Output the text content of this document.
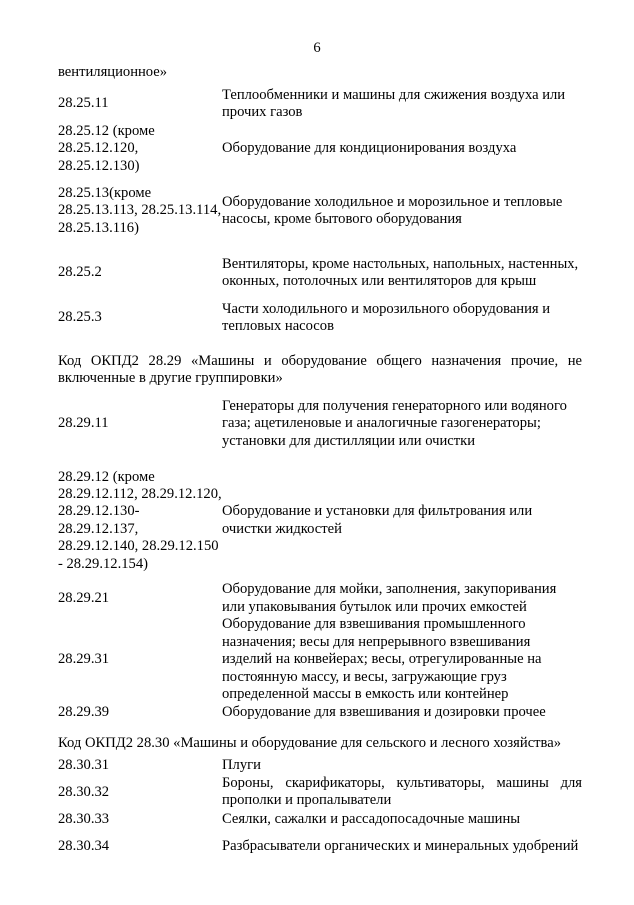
6
вентиляционное»
28.25.11
Теплообменники и машины для сжижения воздуха или прочих газов
28.25.12 (кроме 28.25.12.120, 28.25.12.130)
Оборудование для кондиционирования воздуха
28.25.13(кроме 28.25.13.113, 28.25.13.114, 28.25.13.116)
Оборудование холодильное и морозильное и тепловые насосы, кроме бытового оборудования
28.25.2
Вентиляторы, кроме настольных, напольных, настенных, оконных, потолочных или вентиляторов для крыш
28.25.3
Части холодильного и морозильного оборудования и тепловых насосов
Код ОКПД2 28.29 «Машины и оборудование общего назначения прочие, не включенные в другие группировки»
28.29.11
Генераторы для получения генераторного или водяного газа; ацетиленовые и аналогичные газогенераторы; установки для дистилляции или очистки
28.29.12 (кроме 28.29.12.112, 28.29.12.120, 28.29.12.130- 28.29.12.137, 28.29.12.140, 28.29.12.150 - 28.29.12.154)
Оборудование и установки для фильтрования или очистки жидкостей
28.29.21
Оборудование для мойки, заполнения, закупоривания или упаковывания бутылок или прочих емкостей
28.29.31
Оборудование для взвешивания промышленного назначения; весы для непрерывного взвешивания изделий на конвейерах; весы, отрегулированные на постоянную массу, и весы, загружающие груз определенной массы в емкость или контейнер
28.29.39	Оборудование для взвешивания и дозировки прочее
Код ОКПД2 28.30 «Машины и оборудование для сельского и лесного хозяйства»
28.30.31	Плуги
28.30.32
Бороны, скарификаторы, культиваторы, машины для прополки и пропалыватели
28.30.33	Сеялки, сажалки и рассадопосадочные машины
28.30.34	Разбрасыватели органических и минеральных удобрений
